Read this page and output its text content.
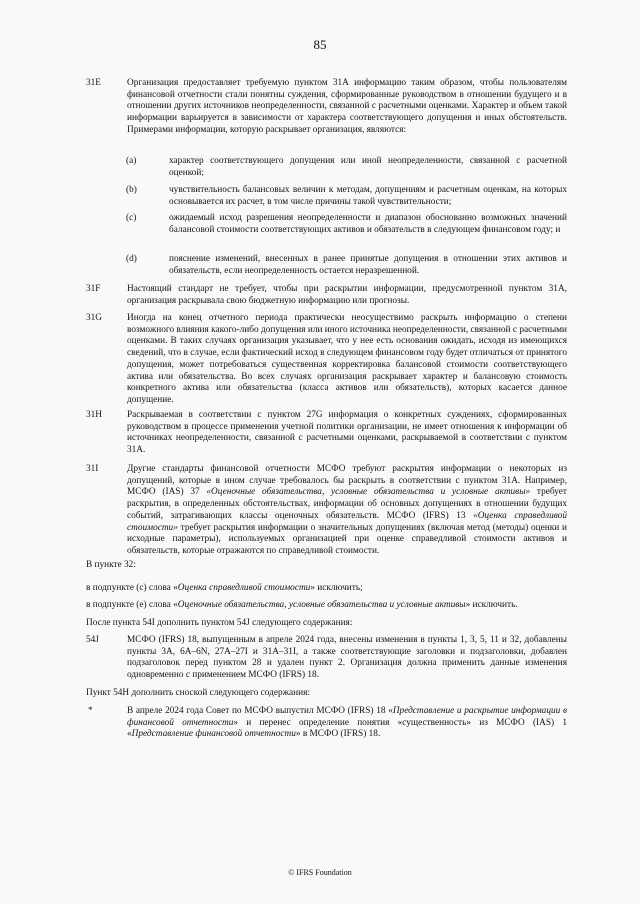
85
31E	Организация предоставляет требуемую пунктом 31А информацию таким образом, чтобы пользователям финансовой отчетности стали понятны суждения, сформированные руководством в отношении будущего и в отношении других источников неопределенности, связанной с расчетными оценками. Характер и объем такой информации варьируется в зависимости от характера соответствующего допущения и иных обстоятельств. Примерами информации, которую раскрывает организация, являются:

(a)	характер соответствующего допущения или иной неопределенности, связанной с расчетной оценкой;

(b)	чувствительность балансовых величин к методам, допущениям и расчетным оценкам, на которых основывается их расчет, в том числе причины такой чувствительности;

(c)	ожидаемый исход разрешения неопределенности и диапазон обоснованно возможных значений балансовой стоимости соответствующих активов и обязательств в следующем финансовом году; и

(d)	пояснение изменений, внесенных в ранее принятые допущения в отношении этих активов и обязательств, если неопределенность остается неразрешенной.

31F	Настоящий стандарт не требует, чтобы при раскрытии информации, предусмотренной пунктом 31А, организация раскрывала свою бюджетную информацию или прогнозы.

31G	Иногда на конец отчетного периода практически неосуществимо раскрыть информацию о степени возможного влияния какого-либо допущения или иного источника неопределенности, связанной с расчетными оценками. В таких случаях организация указывает, что у нее есть основания ожидать, исходя из имеющихся сведений, что в случае, если фактический исход в следующем финансовом году будет отличаться от принятого допущения, может потребоваться существенная корректировка балансовой стоимости соответствующего актива или обязательства. Во всех случаях организация раскрывает характер и балансовую стоимость конкретного актива или обязательства (класса активов или обязательств), которых касается данное допущение.

31H	Раскрываемая в соответствии с пунктом 27G информация о конкретных суждениях, сформированных руководством в процессе применения учетной политики организации, не имеет отношения к информации об источниках неопределенности, связанной с расчетными оценками, раскрываемой в соответствии с пунктом 31А.

31I	Другие стандарты финансовой отчетности МСФО требуют раскрытия информации о некоторых из допущений, которые в ином случае требовалось бы раскрыть в соответствии с пунктом 31А. Например, МСФО (IAS) 37 «Оценочные обязательства, условные обязательства и условные активы» требует раскрытия, в определенных обстоятельствах, информации об основных допущениях в отношении будущих событий, затрагивающих классы оценочных обязательств. МСФО (IFRS) 13 «Оценка справедливой стоимости» требует раскрытия информации о значительных допущениях (включая метод (методы) оценки и исходные параметры), используемых организацией при оценке справедливой стоимости активов и обязательств, которые отражаются по справедливой стоимости.

В пункте 32:
в подпункте (c) слова «Оценка справедливой стоимости» исключить;
в подпункте (е) слова «Оценочные обязательства, условные обязательства и условные активы» исключить.
После пункта 54I дополнить пунктом 54J следующего содержания:
54J	МСФО (IFRS) 18, выпущенным в апреле 2024 года, внесены изменения в пункты 1, 3, 5, 11 и 32, добавлены пункты 3А, 6А–6N, 27А–27I и 31А–31I, а также соответствующие заголовки и подзаголовки, добавлен подзаголовок перед пунктом 28 и удален пункт 2. Организация должна применить данные изменения одновременно с применением МСФО (IFRS) 18.

Пункт 54H дополнить сноской следующего содержания:
*	В апреле 2024 года Совет по МСФО выпустил МСФО (IFRS) 18 «Представление и раскрытие информации в финансовой отчетности» и перенес определение понятия «существенность» из МСФО (IAS) 1 «Представление финансовой отчетности» в МСФО (IFRS) 18.

© IFRS Foundation
